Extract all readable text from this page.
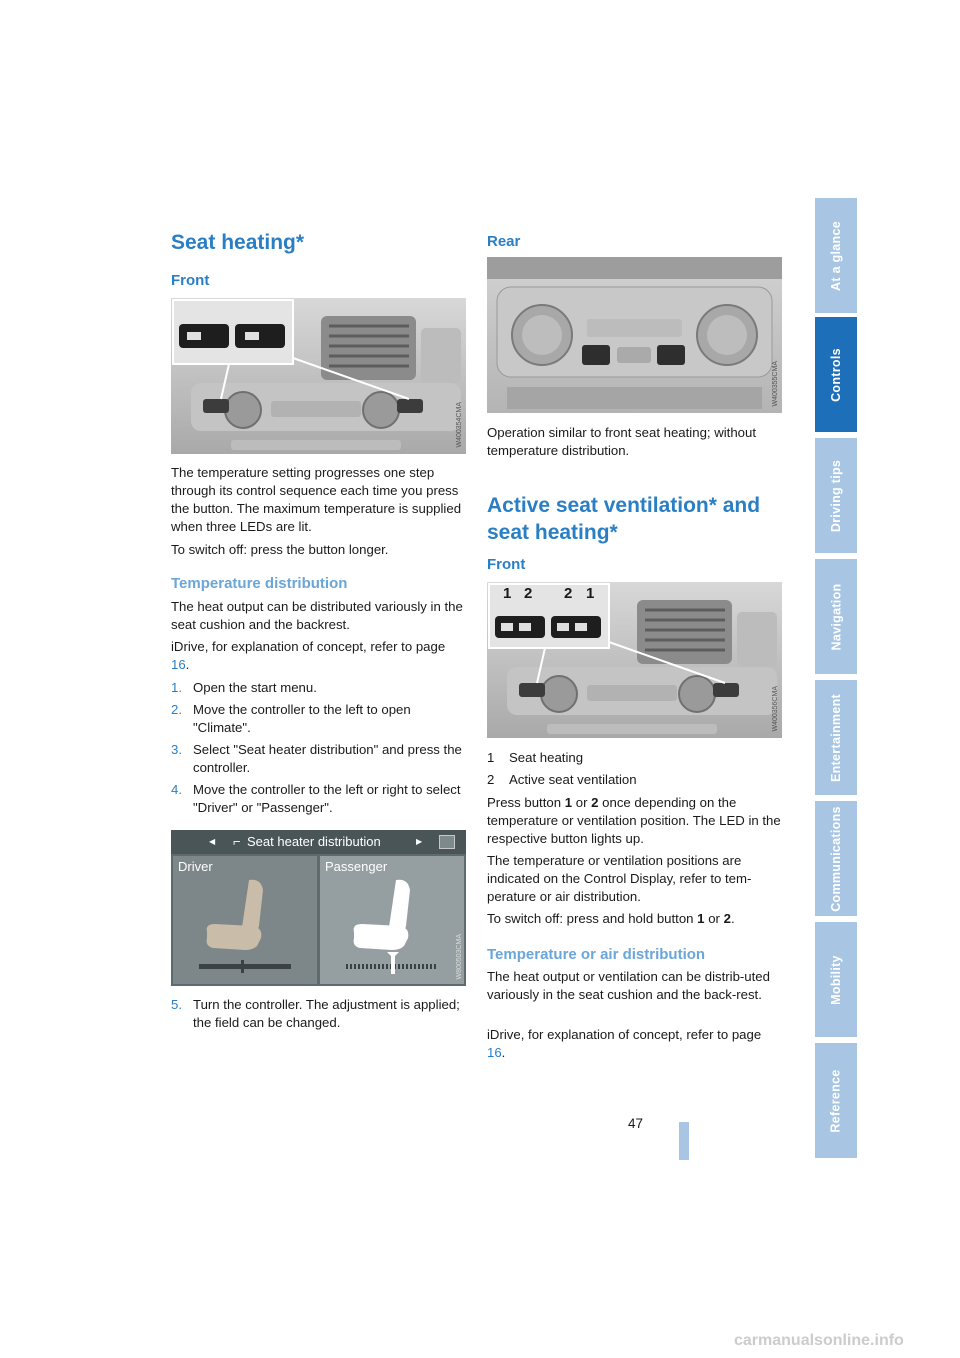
Seat heating*
Front
W400354CMA
The temperature setting progresses one step through its control sequence each time you press the button. The maximum temperature is supplied when three LEDs are lit.
To switch off: press the button longer.
Temperature distribution
The heat output can be distributed variously in the seat cushion and the backrest.
iDrive, for explanation of concept, refer to page 16.
1. Open the start menu.
2. Move the controller to the left to open "Climate".
3. Select "Seat heater distribution" and press the controller.
4. Move the controller to the left or right to select "Driver" or "Passenger".
◀ ⌐ Seat heater distribution	▶
Driver	Passenger
W800503CMA
5. Turn the controller. The adjustment is applied; the field can be changed.
Rear
W400355CMA
Operation similar to front seat heating; without temperature distribution.
Active seat ventilation* and seat heating*
Front
1 2 2 1
W400356CMA
1 Seat heating
2 Active seat ventilation
Press button 1 or 2 once depending on the temperature or ventilation position. The LED in the respective button lights up.
The temperature or ventilation positions are indicated on the Control Display, refer to tem-perature or air distribution.
To switch off: press and hold button 1 or 2.
Temperature or air distribution
The heat output or ventilation can be distrib-uted variously in the seat cushion and the back-rest.
iDrive, for explanation of concept, refer to page 16.
At a glance
Controls
Driving tips
Navigation
Entertainment
Communications
Mobility
Reference
47
carmanualsonline.info
